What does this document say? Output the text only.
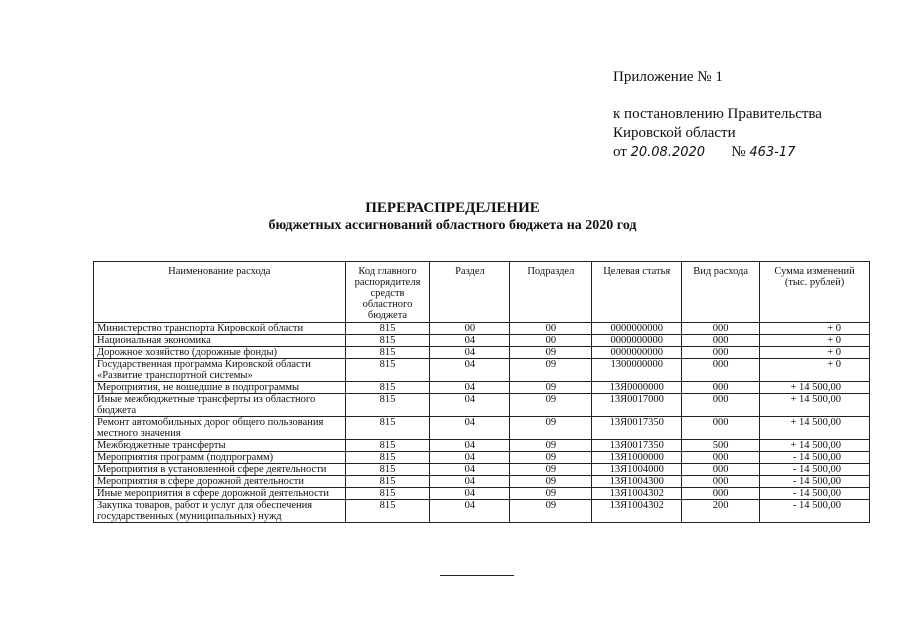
Приложение № 1
к постановлению Правительства
Кировской области
от 20.08.2020 № 463-17
ПЕРЕРАСПРЕДЕЛЕНИЕ
бюджетных ассигнований областного бюджета на 2020 год
Наименование расхода	Код главного распорядителя средств областного бюджета	Раздел	Подраздел	Целевая статья	Вид расхода	Сумма изменений (тыс. рублей)
Министерство транспорта Кировской области	815	00	00	0000000000	000	+ 0
Национальная экономика	815	04	00	0000000000	000	+ 0
Дорожное хозяйство (дорожные фонды)	815	04	09	0000000000	000	+ 0
Государственная программа Кировской области «Развитие транспортной системы»	815	04	09	1300000000	000	+ 0
Мероприятия, не вошедшие в подпрограммы	815	04	09	13Я0000000	000	+ 14 500,00
Иные межбюджетные трансферты из областного бюджета	815	04	09	13Я0017000	000	+ 14 500,00
Ремонт автомобильных дорог общего пользования местного значения	815	04	09	13Я0017350	000	+ 14 500,00
Межбюджетные трансферты	815	04	09	13Я0017350	500	+ 14 500,00
Мероприятия программ (подпрограмм)	815	04	09	13Я1000000	000	- 14 500,00
Мероприятия в установленной сфере деятельности	815	04	09	13Я1004000	000	- 14 500,00
Мероприятия в сфере дорожной деятельности	815	04	09	13Я1004300	000	- 14 500,00
Иные мероприятия в сфере дорожной деятельности	815	04	09	13Я1004302	000	- 14 500,00
Закупка товаров, работ и услуг для обеспечения государственных (муниципальных) нужд	815	04	09	13Я1004302	200	- 14 500,00
